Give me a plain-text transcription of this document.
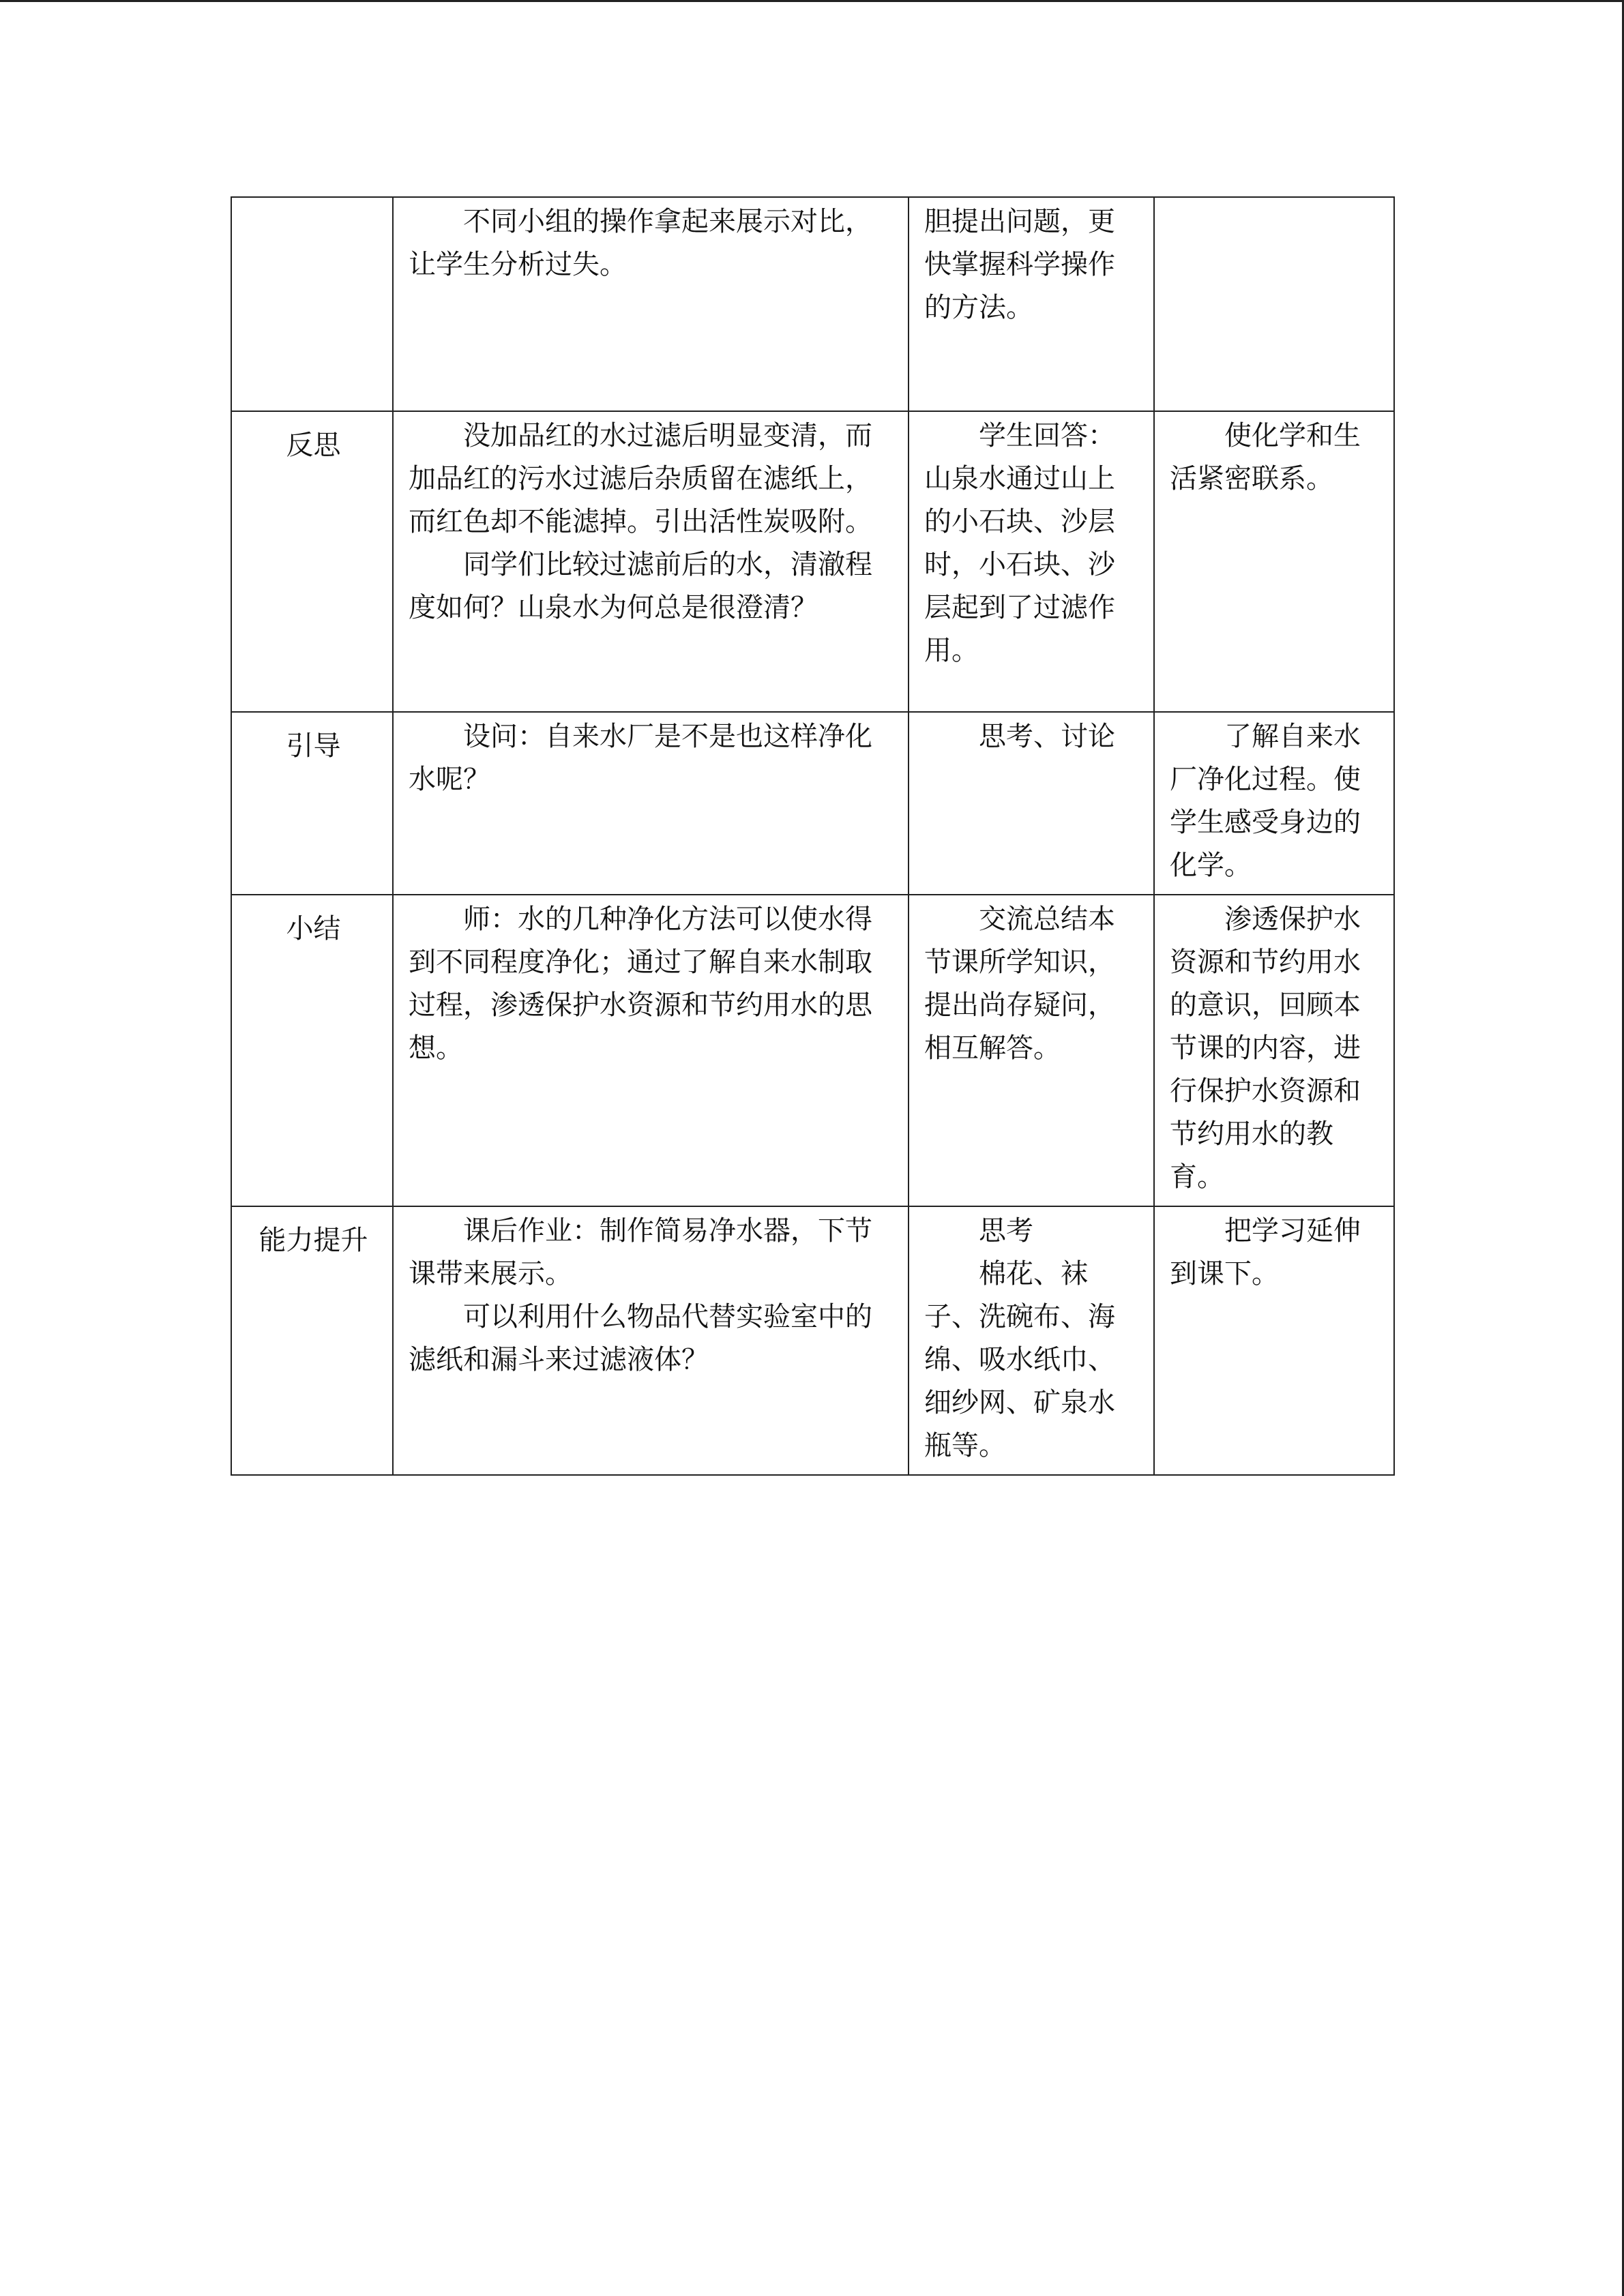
	不同小组的操作拿起来展示对比，让学生分析过失。	胆提出问题，更快掌握科学操作的方法。	

反思	没加品红的水过滤后明显变清，而加品红的污水过滤后杂质留在滤纸上，而红色却不能滤掉。引出活性炭吸附。
同学们比较过滤前后的水，清澈程度如何？山泉水为何总是很澄清？	学生回答：
山泉水通过山上的小石块、沙层时，小石块、沙层起到了过滤作用。	使化学和生活紧密联系。

引导	设问：自来水厂是不是也这样净化水呢？	思考、讨论	了解自来水厂净化过程。使学生感受身边的化学。

小结	师：水的几种净化方法可以使水得到不同程度净化；通过了解自来水制取过程，渗透保护水资源和节约用水的思想。	交流总结本节课所学知识，提出尚存疑问，相互解答。	渗透保护水资源和节约用水的意识，回顾本节课的内容，进行保护水资源和节约用水的教育。

能力提升	课后作业：制作简易净水器，下节课带来展示。
可以利用什么物品代替实验室中的滤纸和漏斗来过滤液体？	思考
棉花、袜子、洗碗布、海绵、吸水纸巾、细纱网、矿泉水瓶等。	把学习延伸到课下。
